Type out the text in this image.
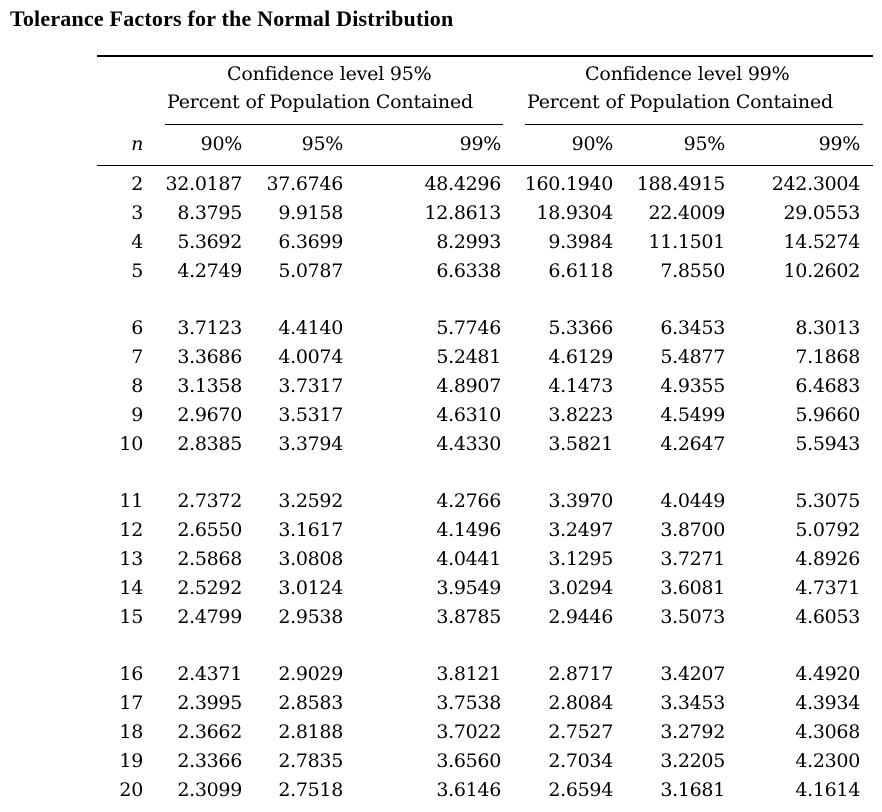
Tolerance Factors for the Normal Distribution
Confidence level 95%
Percent of Population Contained
Confidence level 99%
Percent of Population Contained
n	90%	95%	99%	90%	95%	99%
2 32.0187 37.6746	48.4296 160.1940 188.4915 242.3004
3 8.3795 9.9158	12.8613 18.9304 22.4009	29.0553
4 5.3692 6.3699	8.2993 9.3984 11.1501	14.5274
5 4.2749 5.0787	6.6338 6.6118 7.8550	10.2602
6 3.7123 4.4140	5.7746 5.3366 6.3453	8.3013
7 3.3686 4.0074	5.2481 4.6129 5.4877	7.1868
8 3.1358 3.7317	4.8907 4.1473 4.9355	6.4683
9 2.9670 3.5317	4.6310 3.8223 4.5499	5.9660
10 2.8385 3.3794	4.4330 3.5821 4.2647	5.5943
11 2.7372 3.2592	4.2766 3.3970 4.0449	5.3075
12 2.6550 3.1617	4.1496 3.2497 3.8700	5.0792
13 2.5868 3.0808	4.0441 3.1295 3.7271	4.8926
14 2.5292 3.0124	3.9549 3.0294 3.6081	4.7371
15 2.4799 2.9538	3.8785 2.9446 3.5073	4.6053
16 2.4371 2.9029	3.8121 2.8717 3.4207	4.4920
17 2.3995 2.8583	3.7538 2.8084 3.3453	4.3934
18 2.3662 2.8188	3.7022 2.7527 3.2792	4.3068
19 2.3366 2.7835	3.6560 2.7034 3.2205	4.2300
20 2.3099 2.7518	3.6146 2.6594 3.1681	4.1614
